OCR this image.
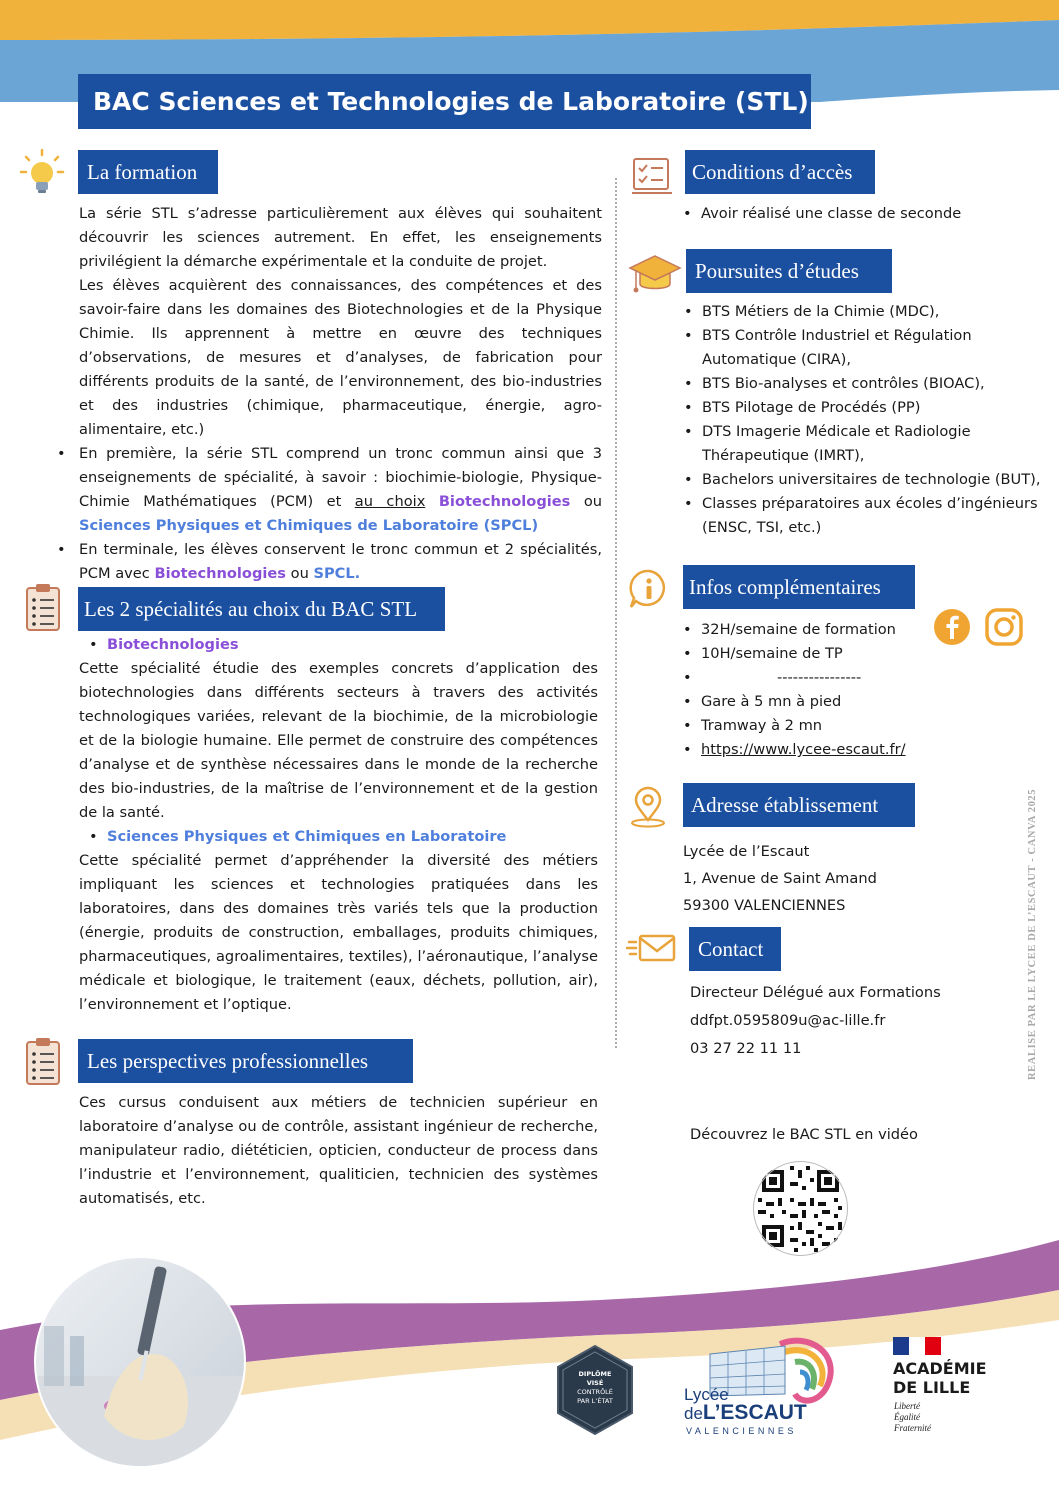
BAC Sciences et Technologies de Laboratoire (STL)
La formation

La série STL s’adresse particulièrement aux élèves qui souhaitent découvrir les sciences autrement. En effet, les enseignements privilégient la démarche expérimentale et la conduite de projet.

Les élèves acquièrent des connaissances, des compétences et des savoir-faire dans les domaines des Biotechnologies et de la Physique Chimie. Ils apprennent à mettre en œuvre des techniques d’observations, de mesures et d’analyses, de fabrication pour différents produits de la santé, de l’environnement, des bio-industries et des industries (chimique, pharmaceutique, énergie, agro-alimentaire, etc.)

• En première, la série STL comprend un tronc commun ainsi que 3 enseignements de spécialité, à savoir : biochimie-biologie, Physique-Chimie Mathématiques (PCM) et au choix Biotechnologies ou Sciences Physiques et Chimiques de Laboratoire (SPCL)

• En terminale, les élèves conservent le tronc commun et 2 spécialités, PCM avec Biotechnologies ou SPCL.

Les 2 spécialités au choix du BAC STL

• Biotechnologies

Cette spécialité étudie des exemples concrets d’application des biotechnologies dans différents secteurs à travers des activités technologiques variées, relevant de la biochimie, de la microbiologie et de la biologie humaine. Elle permet de construire des compétences d’analyse et de synthèse nécessaires dans le monde de la recherche des bio-industries, de la maîtrise de l’environnement et de la gestion de la santé.

• Sciences Physiques et Chimiques en Laboratoire

Cette spécialité permet d’appréhender la diversité des métiers impliquant les sciences et technologies pratiquées dans les laboratoires, dans des domaines très variés tels que la production (énergie, produits de construction, emballages, produits chimiques, pharmaceutiques, agroalimentaires, textiles), l’aéronautique, l’analyse médicale et biologique, le traitement (eaux, déchets, pollution, air), l’environnement et l’optique.

Les perspectives professionnelles
Ces cursus conduisent aux métiers de technicien supérieur en laboratoire d’analyse ou de contrôle, assistant ingénieur de recherche, manipulateur radio, diététicien, opticien, conducteur de process dans l’industrie et l’environnement, qualiticien, technicien des systèmes automatisés, etc.
Conditions d’accès
• Avoir réalisé une classe de seconde
Poursuites d’études
• BTS Métiers de la Chimie (MDC),
• BTS Contrôle Industriel et Régulation Automatique (CIRA),
• BTS Bio-analyses et contrôles (BIOAC),
• BTS Pilotage de Procédés (PP)
• DTS Imagerie Médicale et Radiologie Thérapeutique (IMRT),
• Bachelors universitaires de technologie (BUT),
• Classes préparatoires aux écoles d’ingénieurs (ENSC, TSI, etc.)
Infos complémentaires
• 32H/semaine de formation
• 10H/semaine de TP
•	----------------
• Gare à 5 mn à pied
• Tramway à 2 mn
• https://www.lycee-escaut.fr/
Adresse établissement
Lycée de l’Escaut
1, Avenue de Saint Amand
59300 VALENCIENNES
Contact
Directeur Délégué aux Formations
ddfpt.0595809u@ac-lille.fr
03 27 22 11 11
Découvrez le BAC STL en vidéo
REALISE PAR LE LYCEE DE L’ESCAUT - CANVA 2025
DIPLÔME
VISÉ
CONTRÔLÉ
PAR L’ÉTAT	Lycée
deL’ESCAUT
VALENCIENNES
ACADÉMIE
DE LILLE
Liberté
Égalité
Fraternité
